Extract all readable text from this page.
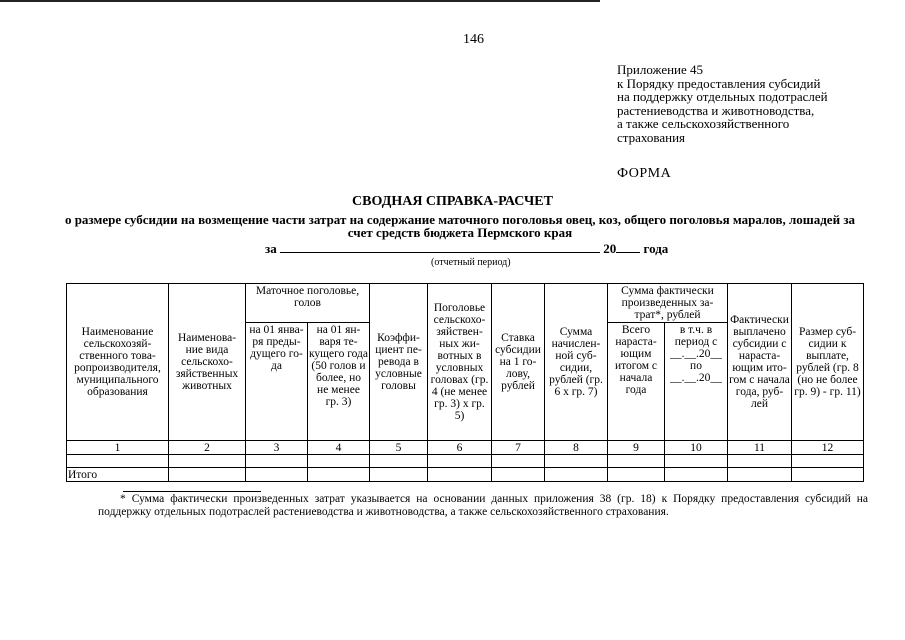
146
Приложение 45
к Порядку предоставления субсидий
на поддержку отдельных подотраслей
растениеводства и животноводства,
а также сельскохозяйственного
страхования
ФОРМА
СВОДНАЯ СПРАВКА-РАСЧЕТ
о размере субсидии на возмещение части затрат на содержание маточного поголовья овец, коз, общего поголовья маралов, лошадей за счет средств бюджета Пермского края
за	20 года
(отчетный период)
Наименование сельскохозяй-ственного това-ропроизводителя, муниципального образования	Наименова-ние вида сельскохо-зяйственных животных	Маточное поголовье, голов		Коэффи-циент пе-ревода в условные головы	Поголовье сельскохо-зяйствен-ных жи-вотных в условных головах (гр. 4 (не менее гр. 3) х гр. 5)	Ставка субсидии на 1 го-лову, рублей	Сумма начислен-ной суб-сидии, рублей (гр. 6 х гр. 7)	Сумма фактически произведенных за-трат*, рублей		Фактически выплачено субсидии с нараста-ющим ито-гом с начала года, руб-лей	Размер суб-сидии к выплате, рублей (гр. 8 (но не более гр. 9) - гр. 11)
		на 01 янва-ря преды-дущего го-да	на 01 ян-варя те-кущего года (50 голов и более, но не менее гр. 3)					Всего нараста-ющим итогом с начала года	в т.ч. в период с
__.__.20__
по
__.__.20__		

1	2	3	4	5	6	7	8	9	10	11	12

Итого											
* Сумма фактически произведенных затрат указывается на основании данных приложения 38 (гр. 18) к Порядку предоставления субсидий на поддержку отдельных подотраслей растениеводства и животноводства, а также сельскохозяйственного страхования.
